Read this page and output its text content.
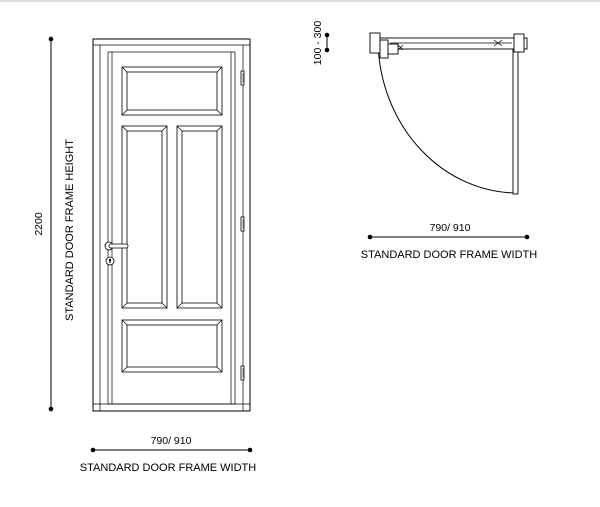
2200 STANDARD DOOR FRAME HEIGHT
790/ 910
STANDARD DOOR FRAME WIDTH
100 - 300
790/ 910
STANDARD DOOR FRAME WIDTH
